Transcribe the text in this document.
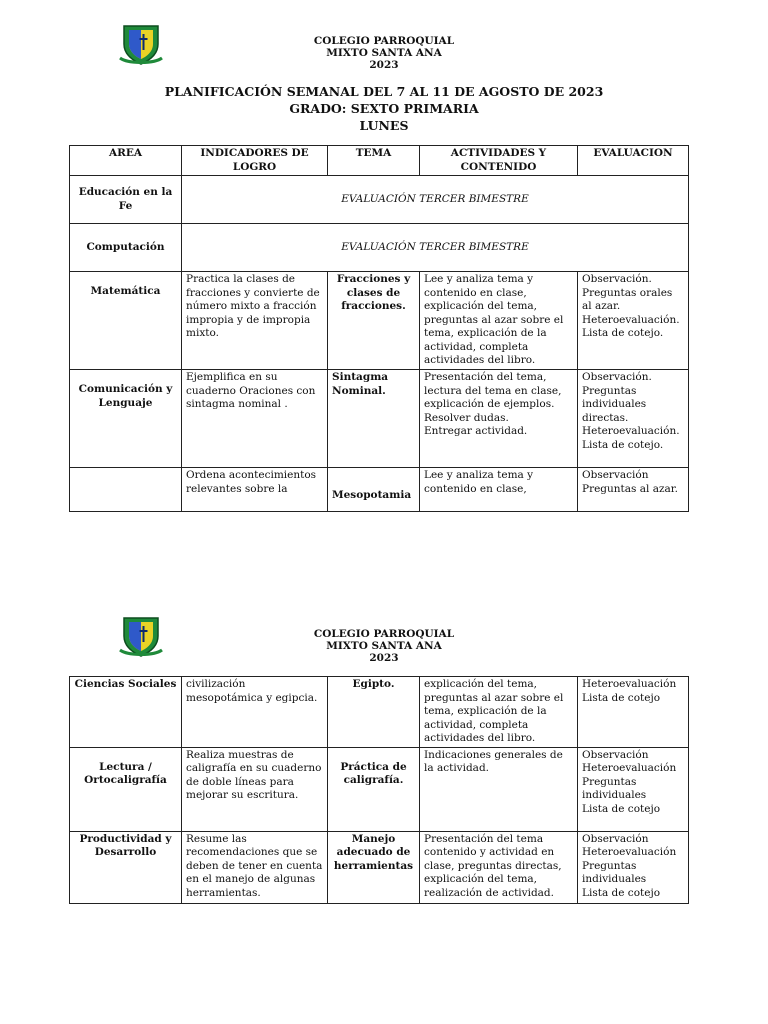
COLEGIO PARROQUIAL
MIXTO SANTA ANA
2023
PLANIFICACIÓN SEMANAL DEL 7 AL 11 DE AGOSTO DE 2023
GRADO: SEXTO PRIMARIA
LUNES
AREA	INDICADORES DE LOGRO	TEMA	ACTIVIDADES Y CONTENIDO	EVALUACION
Educación en la Fe	EVALUACIÓN TERCER BIMESTRE			
Computación	EVALUACIÓN TERCER BIMESTRE			
Matemática	Practica la clases de fracciones y convierte de número mixto a fracción impropia y de impropia mixto.	Fracciones y clases de fracciones.	Lee y analiza tema y contenido en clase, explicación del tema, preguntas al azar sobre el tema, explicación de la actividad, completa actividades del libro.	Observación.
Preguntas orales al azar.
Heteroevaluación.
Lista de cotejo.

Comunicación y Lenguaje	Ejemplifica en su cuaderno Oraciones con sintagma nominal .	Sintagma Nominal.	Presentación del tema, lectura del tema en clase, explicación de ejemplos.
Resolver dudas.
Entregar actividad.	Observación.
Preguntas individuales directas.
Heteroevaluación.
Lista de cotejo.

	Ordena acontecimientos relevantes sobre la	Mesopotamia	Lee y analiza tema y contenido en clase,	Observación
Preguntas al azar.
COLEGIO PARROQUIAL
MIXTO SANTA ANA
2023
Ciencias Sociales	civilización mesopotámica y egipcia.	Egipto.	explicación del tema, preguntas al azar sobre el tema, explicación de la actividad, completa actividades del libro.	Heteroevaluación
Lista de cotejo

Lectura / Ortocaligrafía	Realiza muestras de caligrafía en su cuaderno de doble líneas para mejorar su escritura.	Práctica de caligrafía.	Indicaciones generales de la actividad.	Observación
Heteroevaluación
Preguntas individuales
Lista de cotejo

Productividad y Desarrollo	Resume las recomendaciones que se deben de tener en cuenta en el manejo de algunas herramientas.	Manejo adecuado de herramientas	Presentación del tema contenido y actividad en clase, preguntas directas, explicación del tema, realización de actividad.	Observación
Heteroevaluación
Preguntas individuales
Lista de cotejo
